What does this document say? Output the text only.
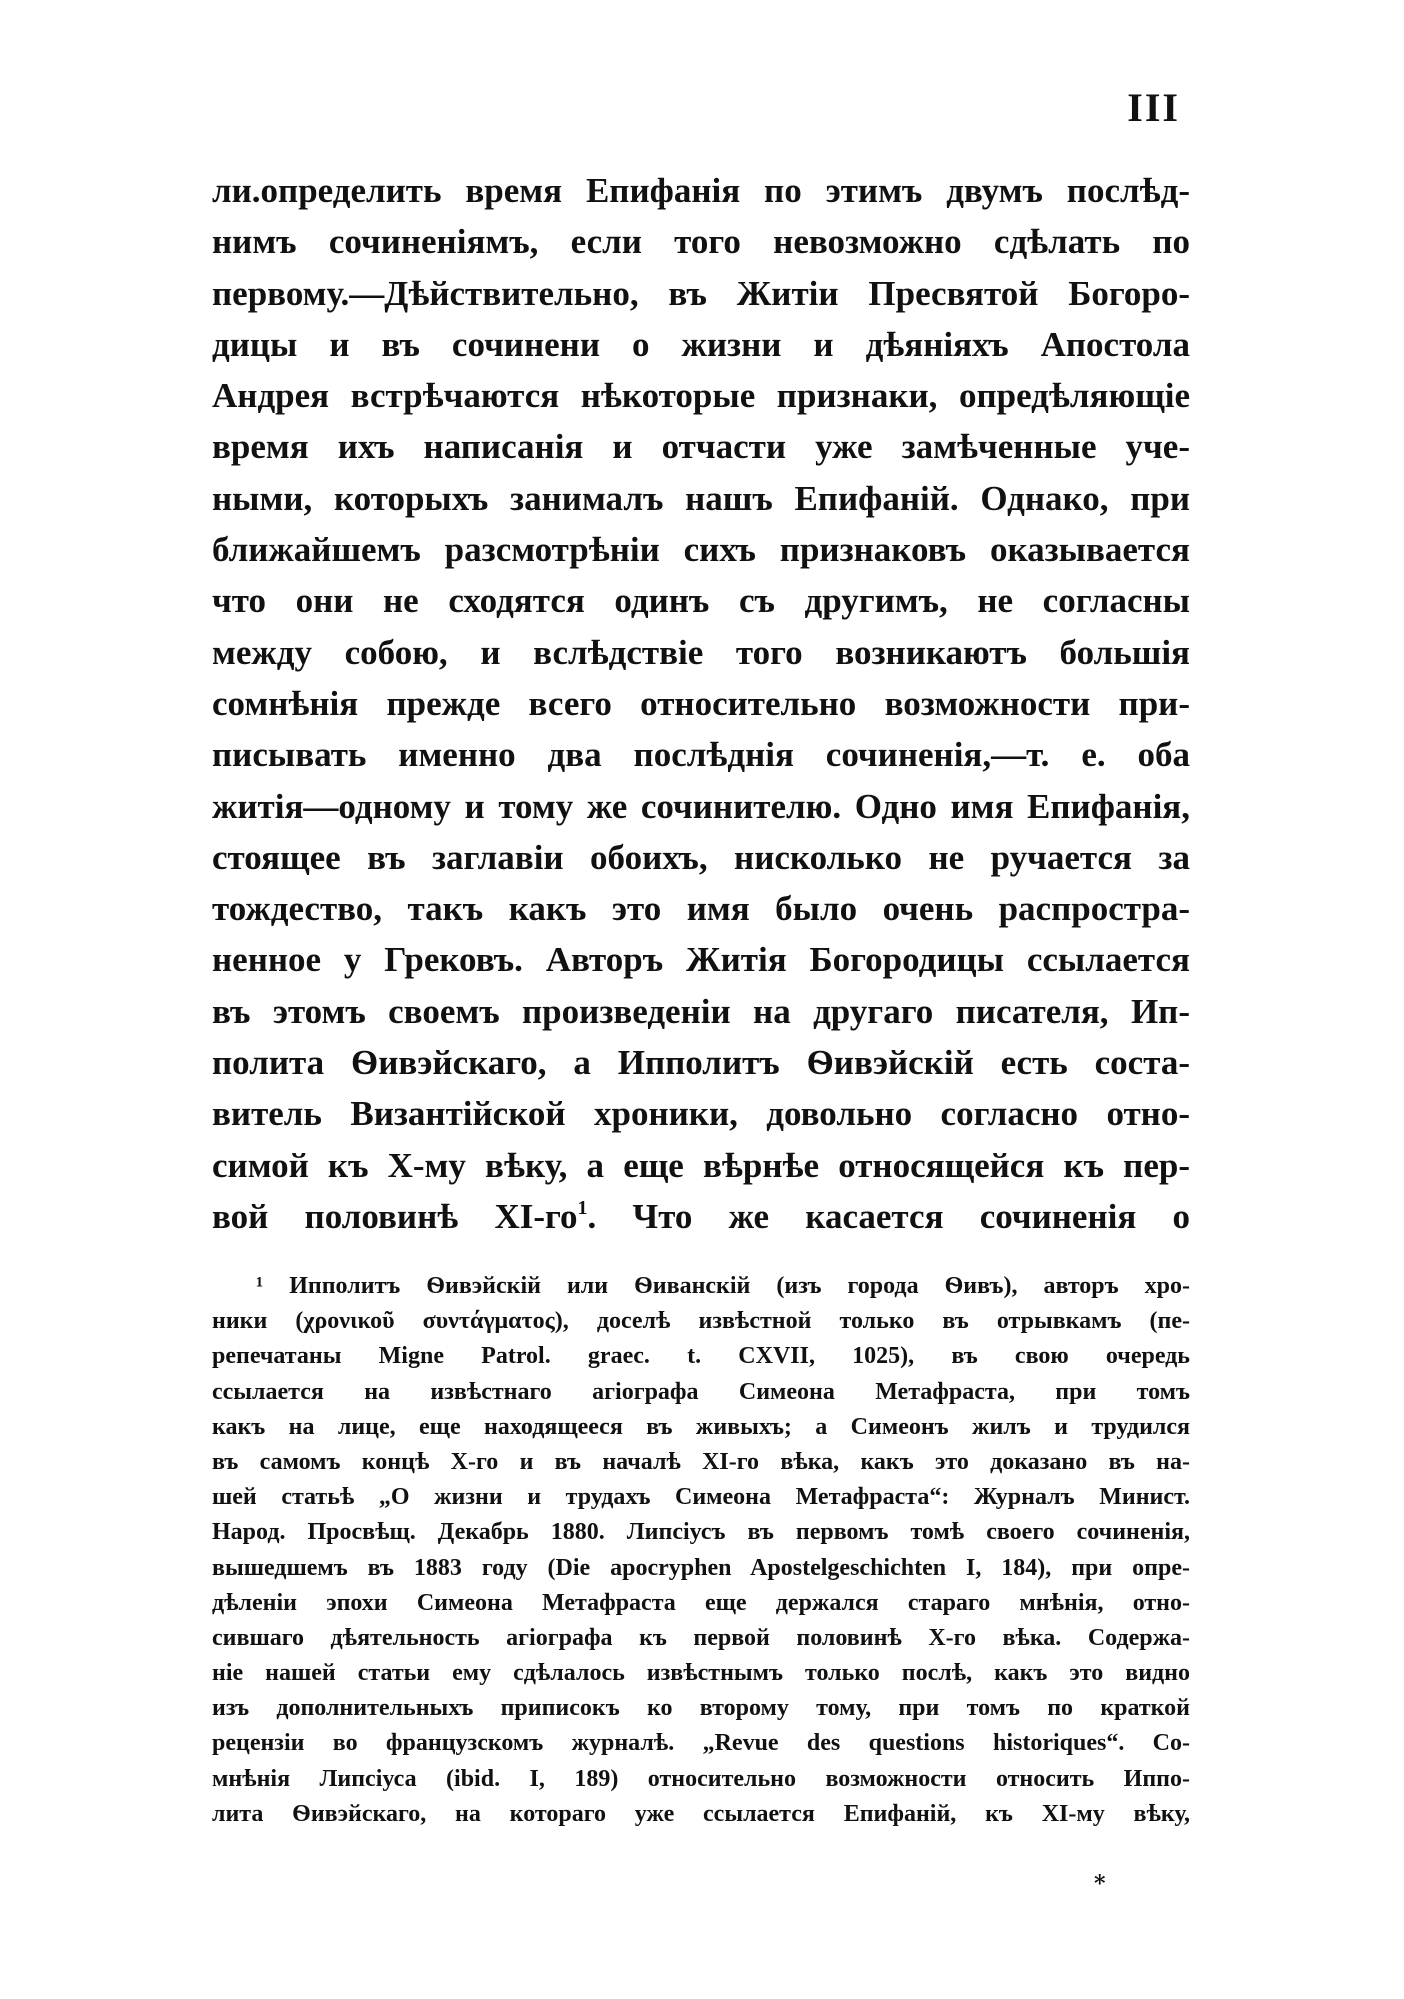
III
ли.определить время Епифанія по этимъ двумъ послѣд-
нимъ сочиненіямъ, если того невозможно сдѣлать по
первому.—Дѣйствительно, въ Житіи Пресвятой Богоро-
дицы и въ сочинени о жизни и дѣяніяхъ Апостола
Андрея встрѣчаются нѣкоторые признаки, опредѣляющіе
время ихъ написанія и отчасти уже замѣченные уче-
ными, которыхъ занималъ нашъ Епифаній. Однако, при
ближайшемъ разсмотрѣніи сихъ признаковъ оказывается
что они не сходятся одинъ съ другимъ, не согласны
между собою, и вслѣдствіе того возникаютъ большія
сомнѣнія прежде всего относительно возможности при-
писывать именно два послѣднія сочиненія,—т. е. оба
житія—одному и тому же сочинителю. Одно имя Епифанія,
стоящее въ заглавіи обоихъ, нисколько не ручается за
тождество, такъ какъ это имя было очень распростра-
ненное у Грековъ. Авторъ Житія Богородицы ссылается
въ этомъ своемъ произведеніи на другаго писателя, Ип-
полита Ѳивэйскаго, а Ипполитъ Ѳивэйскій есть соста-
витель Византійской хроники, довольно согласно отно-
симой къ Х-му вѣку, а еще вѣрнѣе относящейся къ пер-
вой половинѣ $XI-го^1$. Что же касается сочиненія о
¹ Ипполитъ Ѳивэйскій или Ѳиванскій (изъ города Ѳивъ), авторъ хро-
ники (χρονικοῦ συντάγματος), доселѣ извѣстной только въ отрывкамъ (пе-
репечатаны Migne Patrol. graec. t. CXVII, 1025), въ свою очередь
ссылается на извѣстнаго агіографа Симеона Метафраста, при томъ
какъ на лице, еще находящееся въ живыхъ; а Симеонъ жилъ и трудился
въ самомъ концѣ Х-го и въ началѣ XI-го вѣка, какъ это доказано въ на-
шей статьѣ „О жизни и трудахъ Симеона Метафраста“: Журналъ Минист.
Народ. Просвѣщ. Декабрь 1880. Липсіусъ въ первомъ томѣ своего сочиненія,
вышедшемъ въ 1883 году (Die apocryphen Apostelgeschichten I, 184), при опре-
дѣленіи эпохи Симеона Метафраста еще держался стараго мнѣнія, отно-
сившаго дѣятельность агіографа къ первой половинѣ Х-го вѣка. Содержа-
ніе нашей статьи ему сдѣлалось извѣстнымъ только послѣ, какъ это видно
изъ дополнительныхъ приписокъ ко второму тому, при томъ по краткой
рецензіи во французскомъ журналѣ. „Revue des questions historiques“. Со-
мнѣнія Липсіуса (ibid. I, 189) относительно возможности относить Иппо-
лита Ѳивэйскаго, на котораго уже ссылается Епифаній, къ XI-му вѣку,
*
